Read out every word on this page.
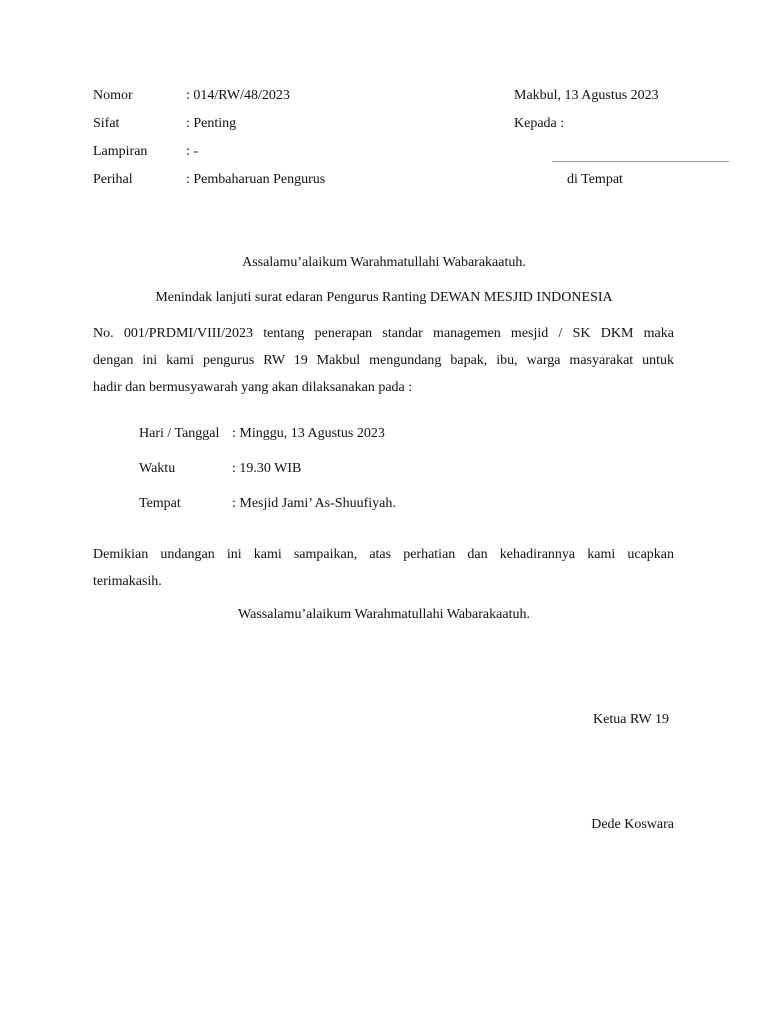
Nomor	: 014/RW/48/2023
Sifat	: Penting
Lampiran	: -
Perihal	: Pembaharuan Pengurus
Makbul, 13 Agustus 2023
Kepada :
di Tempat
Assalamu’alaikum Warahmatullahi Wabarakaatuh.
Menindak lanjuti surat edaran Pengurus Ranting DEWAN MESJID INDONESIA
No. 001/PRDMI/VIII/2023 tentang penerapan standar managemen mesjid / SK DKM maka
dengan ini kami pengurus RW 19 Makbul mengundang bapak, ibu, warga masyarakat untuk
hadir dan bermusyawarah yang akan dilaksanakan pada :
Hari / Tanggal : Minggu, 13 Agustus 2023
Waktu	: 19.30 WIB
Tempat	: Mesjid Jami’ As-Shuufiyah.
Demikian undangan ini kami sampaikan, atas perhatian dan kehadirannya kami ucapkan
terimakasih.
Wassalamu’alaikum Warahmatullahi Wabarakaatuh.
Ketua RW 19
Dede Koswara
